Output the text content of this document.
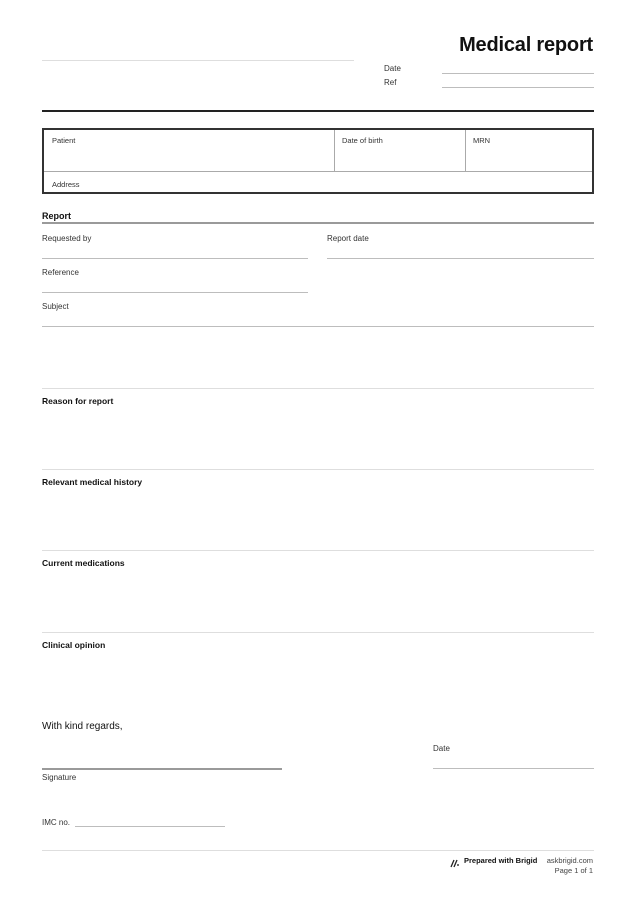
Medical report
Date
Ref
Patient	Date of birth	MRN
Address
Report
Requested by	Report date
Reference
Subject
Reason for report
Relevant medical history
Current medications
Clinical opinion
With kind regards,
Date
Signature
IMC no.
Prepared with Brigid askbrigid.com
Page 1 of 1
